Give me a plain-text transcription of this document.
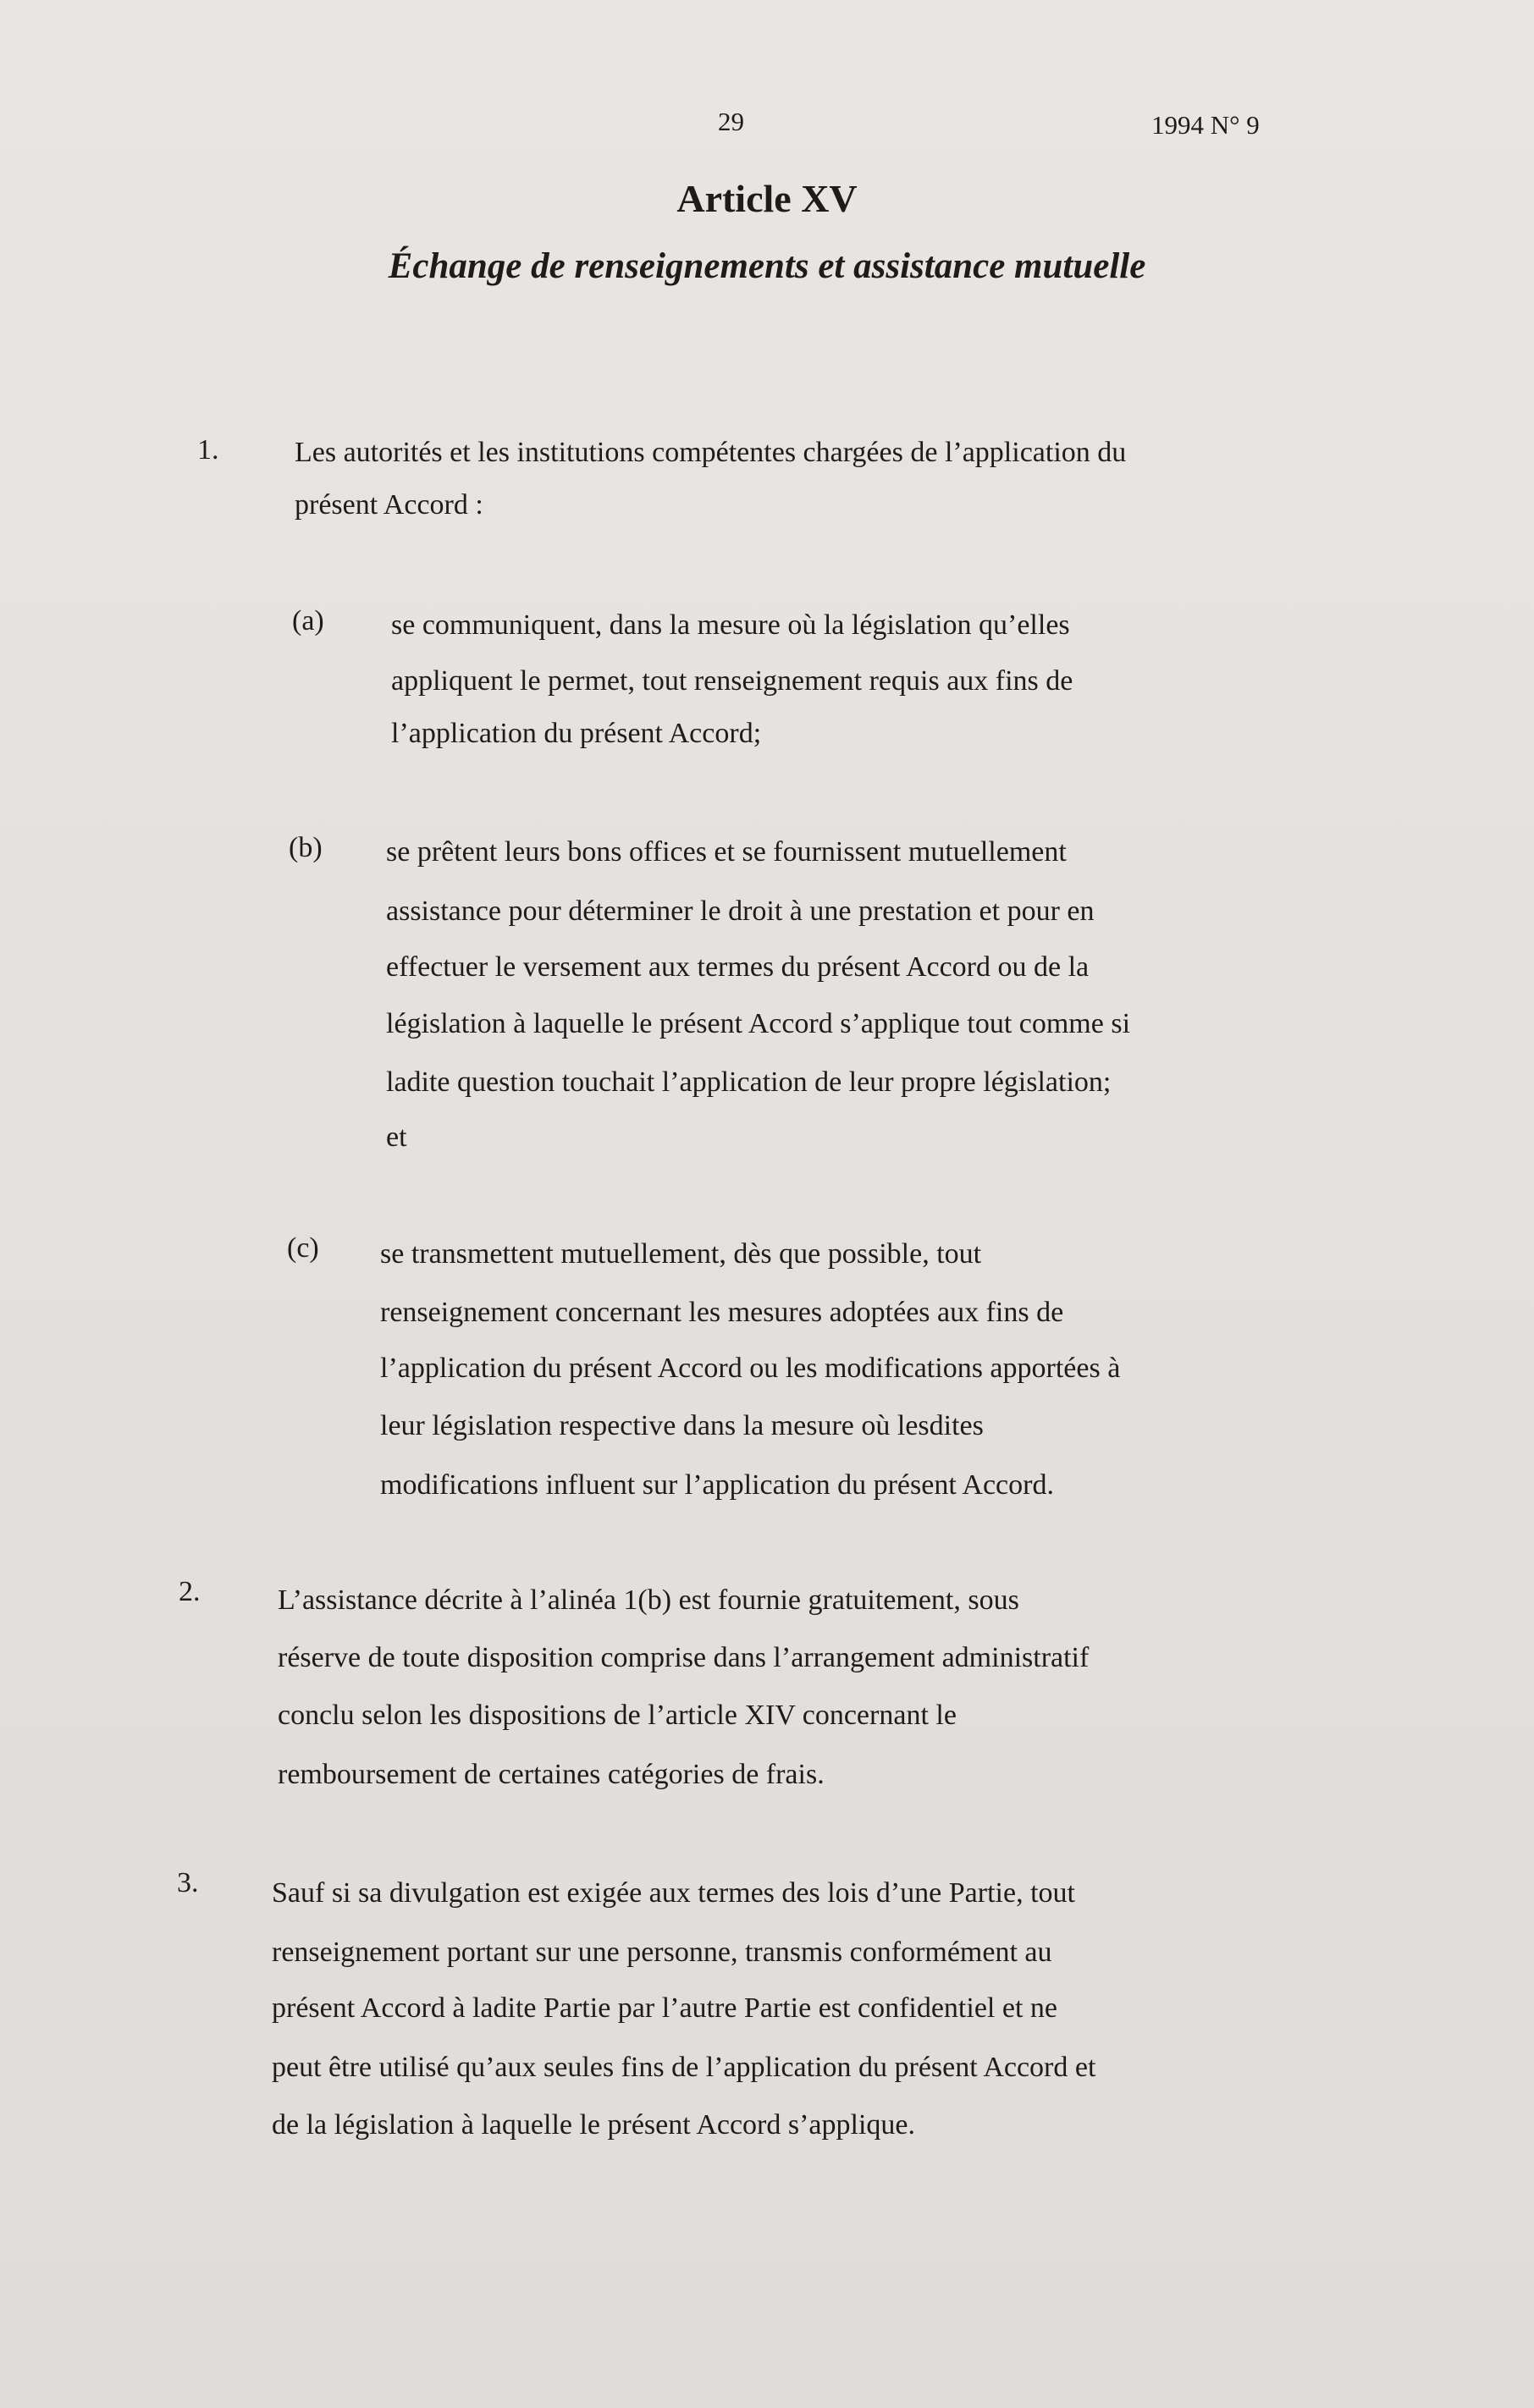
29	1994 N° 9
Article XV
Échange de renseignements et assistance mutuelle
1.	Les autorités et les institutions compétentes chargées de l’application du
présent Accord :
(a) se communiquent, dans la mesure où la législation qu’elles
appliquent le permet, tout renseignement requis aux fins de
l’application du présent Accord;
(b) se prêtent leurs bons offices et se fournissent mutuellement
assistance pour déterminer le droit à une prestation et pour en
effectuer le versement aux termes du présent Accord ou de la
législation à laquelle le présent Accord s’applique tout comme si
ladite question touchait l’application de leur propre législation;
et
(c) se transmettent mutuellement, dès que possible, tout
renseignement concernant les mesures adoptées aux fins de
l’application du présent Accord ou les modifications apportées à
leur législation respective dans la mesure où lesdites
modifications influent sur l’application du présent Accord.
2.	L’assistance décrite à l’alinéa 1(b) est fournie gratuitement, sous
réserve de toute disposition comprise dans l’arrangement administratif
conclu selon les dispositions de l’article XIV concernant le
remboursement de certaines catégories de frais.
3.	Sauf si sa divulgation est exigée aux termes des lois d’une Partie, tout
renseignement portant sur une personne, transmis conformément au
présent Accord à ladite Partie par l’autre Partie est confidentiel et ne
peut être utilisé qu’aux seules fins de l’application du présent Accord et
de la législation à laquelle le présent Accord s’applique.
